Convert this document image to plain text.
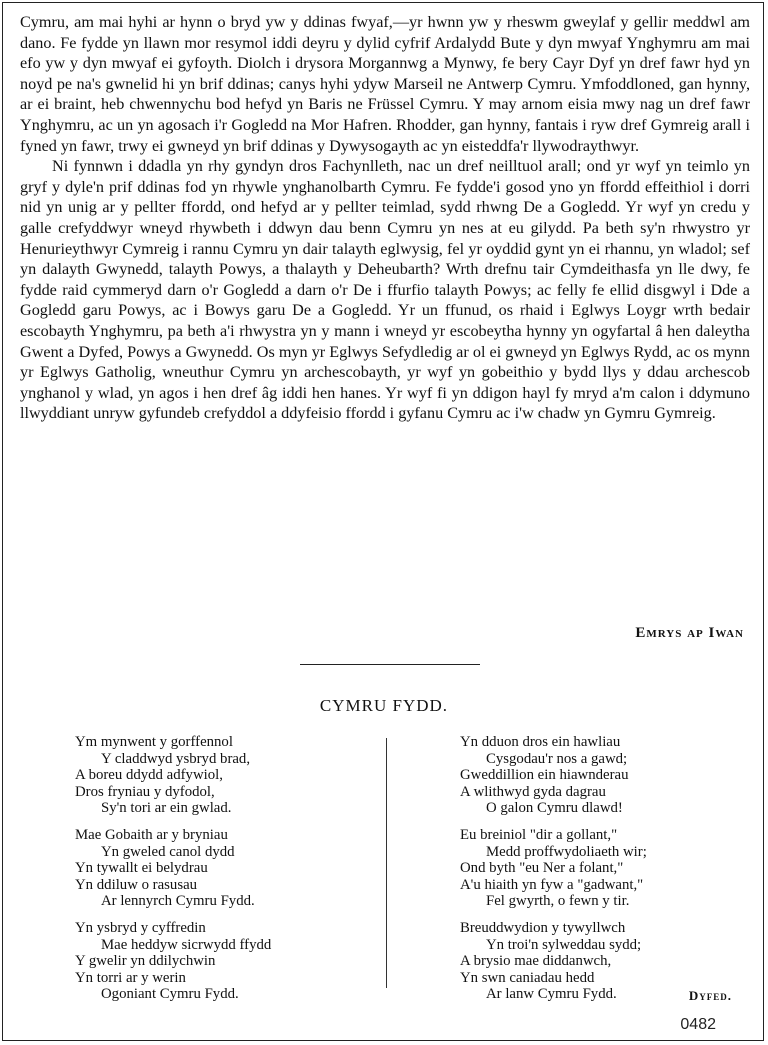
Cymru, am mai hyhi ar hynn o bryd yw y ddinas fwyaf,—yr hwnn yw y rheswm gweylaf y gellir meddwl am dano. Fe fydde yn llawn mor resymol iddi deyru y dylid cyfrif Ardalydd Bute y dyn mwyaf Ynghymru am mai efo yw y dyn mwyaf ei gyfoyth. Diolch i drysora Morgannwg a Mynwy, fe bery Cayr Dyf yn dref fawr hyd yn noyd pe na's gwnelid hi yn brif ddinas; canys hyhi ydyw Marseil ne Antwerp Cymru. Ymfoddloned, gan hynny, ar ei braint, heb chwennychu bod hefyd yn Baris ne Früssel Cymru. Y may arnom eisia mwy nag un dref fawr Ynghymru, ac un yn agosach i'r Gogledd na Mor Hafren. Rhodder, gan hynny, fantais i ryw dref Gymreig arall i fyned yn fawr, trwy ei gwneyd yn brif ddinas y Dywysogayth ac yn eisteddfa'r llywodraythwyr.

Ni fynnwn i ddadla yn rhy gyndyn dros Fachynlleth, nac un dref neilltuol arall; ond yr wyf yn teimlo yn gryf y dyle'n prif ddinas fod yn rhywle ynghanolbarth Cymru. Fe fydde'i gosod yno yn ffordd effeithiol i dorri nid yn unig ar y pellter ffordd, ond hefyd ar y pellter teimlad, sydd rhwng De a Gogledd. Yr wyf yn credu y galle crefyddwyr wneyd rhywbeth i ddwyn dau benn Cymru yn nes at eu gilydd. Pa beth sy'n rhwystro yr Henurieythwyr Cymreig i rannu Cymru yn dair talayth eglwysig, fel yr oyddid gynt yn ei rhannu, yn wladol; sef yn dalayth Gwynedd, talayth Powys, a thalayth y Deheubarth? Wrth drefnu tair Cymdeithasfa yn lle dwy, fe fydde raid cymmeryd darn o'r Gogledd a darn o'r De i ffurfio talayth Powys; ac felly fe ellid disgwyl i Dde a Gogledd garu Powys, ac i Bowys garu De a Gogledd. Yr un ffunud, os rhaid i Eglwys Loygr wrth bedair escobayth Ynghymru, pa beth a'i rhwystra yn y mann i wneyd yr escobeytha hynny yn ogyfartal â hen daleytha Gwent a Dyfed, Powys a Gwynedd. Os myn yr Eglwys Sefydledig ar ol ei gwneyd yn Eglwys Rydd, ac os mynn yr Eglwys Gatholig, wneuthur Cymru yn archescobayth, yr wyf yn gobeithio y bydd llys y ddau archescob ynghanol y wlad, yn agos i hen dref âg iddi hen hanes. Yr wyf fi yn ddigon hayl fy mryd a'm calon i ddymuno llwyddiant unryw gyfundeb crefyddol a ddyfeisio ffordd i gyfanu Cymru ac i'w chadw yn Gymru Gymreig.

Emrys ap Iwan
CYMRU FYDD.
Ym mynwent y gorffennol
Y claddwyd ysbryd brad,
A boreu ddydd adfywiol,
Dros fryniau y dyfodol,
Sy'n tori ar ein gwlad.
Mae Gobaith ar y bryniau
Yn gweled canol dydd
Yn tywallt ei belydrau
Yn ddiluw o rasusau
Ar lennyrch Cymru Fydd.
Yn ysbryd y cyffredin
Mae heddyw sicrwydd ffydd
Y gwelir yn ddilychwin
Yn torri ar y werin
Ogoniant Cymru Fydd.
Yn dduon dros ein hawliau
Cysgodau'r nos a gawd;
Gweddillion ein hiawnderau
A wlithwyd gyda dagrau
O galon Cymru dlawd!
Eu breiniol "dir a gollant,"
Medd proffwydoliaeth wir;
Ond byth "eu Ner a folant,"
A'u hiaith yn fyw a "gadwant,"
Fel gwyrth, o fewn y tir.
Breuddwydion y tywyllwch
Yn troi'n sylweddau sydd;
A brysio mae diddanwch,
Yn swn caniadau hedd
Ar lanw Cymru Fydd.	Dyfed.
0482
